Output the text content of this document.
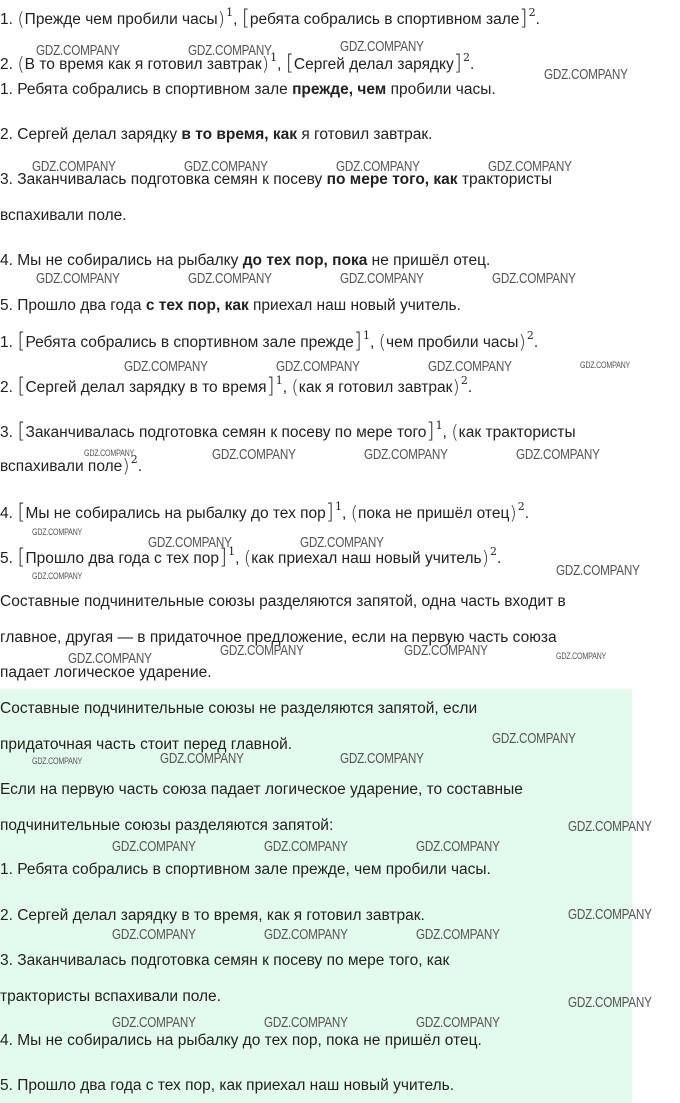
1. (Прежде чем пробили часы)$^1$, [ребята собрались в спортивном зале]$^2$.
2. (В то время как я готовил завтрак)$^1$, [Сергей делал зарядку]$^2$.
1. Ребята собрались в спортивном зале прежде, чем пробили часы.
2. Сергей делал зарядку в то время, как я готовил завтрак.
3. Заканчивалась подготовка семян к посеву по мере того, как трактористы
вспахивали поле.
4. Мы не собирались на рыбалку до тех пор, пока не пришёл отец.
5. Прошло два года с тех пор, как приехал наш новый учитель.
1. [Ребята собрались в спортивном зале прежде]$^1$, (чем пробили часы)$^2$.
2. [Сергей делал зарядку в то время]$^1$, (как я готовил завтрак)$^2$.
3. [Заканчивалась подготовка семян к посеву по мере того]$^1$, (как трактористы
вспахивали поле)$^2$.
4. [Мы не собирались на рыбалку до тех пор]$^1$, (пока не пришёл отец)$^2$.
5. [Прошло два года с тех пор]$^1$, (как приехал наш новый учитель)$^2$.
Составные подчинительные союзы разделяются запятой, одна часть входит в
главное, другая — в придаточное предложение, если на первую часть союза
падает логическое ударение.
Составные подчинительные союзы не разделяются запятой, если
придаточная часть стоит перед главной.
Если на первую часть союза падает логическое ударение, то составные
подчинительные союзы разделяются запятой:
1. Ребята собрались в спортивном зале прежде, чем пробили часы.
2. Сергей делал зарядку в то время, как я готовил завтрак.
3. Заканчивалась подготовка семян к посеву по мере того, как
трактористы вспахивали поле.
4. Мы не собирались на рыбалку до тех пор, пока не пришёл отец.
5. Прошло два года с тех пор, как приехал наш новый учитель.
GDZ.COMPANY	GDZ.COMPANY	GDZ.COMPANY
GDZ.COMPANY
GDZ.COMPANY	GDZ.COMPANY	GDZ.COMPANY	GDZ.COMPANY
GDZ.COMPANY	GDZ.COMPANY	GDZ.COMPANY	GDZ.COMPANY
GDZ.COMPANY	GDZ.COMPANY	GDZ.COMPANY	GDZ.COMPANY
GDZ.COMPANY	GDZ.COMPANY	GDZ.COMPANY	GDZ.COMPANY
GDZ.COMPANY
GDZ.COMPANY	GDZ.COMPANY
GDZ.COMPANY	GDZ.COMPANY
GDZ.COMPANY	GDZ.COMPANY	GDZ.COMPANY	GDZ.COMPANY
GDZ.COMPANY
GDZ.COMPANY	GDZ.COMPANY	GDZ.COMPANY
GDZ.COMPANY
GDZ.COMPANY	GDZ.COMPANY	GDZ.COMPANY
GDZ.COMPANY
GDZ.COMPANY	GDZ.COMPANY	GDZ.COMPANY
GDZ.COMPANY
GDZ.COMPANY	GDZ.COMPANY	GDZ.COMPANY
